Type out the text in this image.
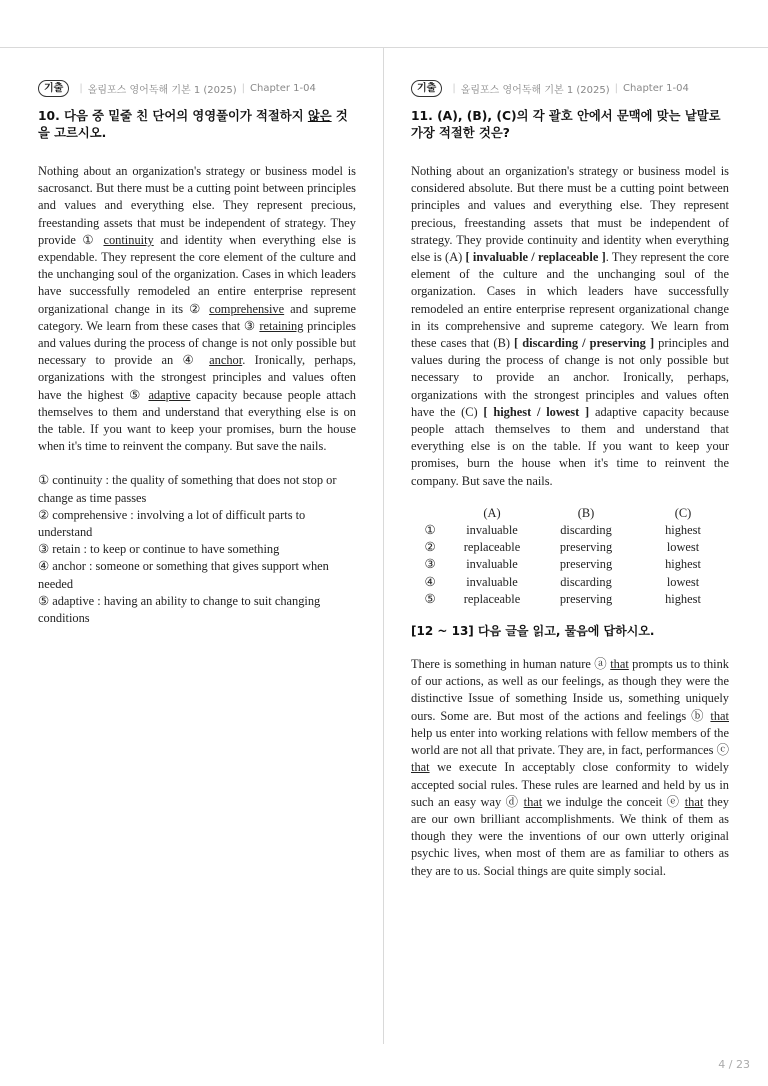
기출	| 올림포스 영어독해 기본 1 (2025) | Chapter 1-04
10. 다음 중 밑줄 친 단어의 영영풀이가 적절하지 않은 것을 고르시오.
Nothing about an organization's strategy or business model is sacrosanct. But there must be a cutting point between principles and values and everything else. They represent precious, freestanding assets that must be independent of strategy. They provide ① continuity and identity when everything else is expendable. They represent the core element of the culture and the unchanging soul of the organization. Cases in which leaders have successfully remodeled an entire enterprise represent organizational change in its ② comprehensive and supreme category. We learn from these cases that ③ retaining principles and values during the process of change is not only possible but necessary to provide an ④ anchor. Ironically, perhaps, organizations with the strongest principles and values often have the highest ⑤ adaptive capacity because people attach themselves to them and understand that everything else is on the table. If you want to keep your promises, burn the house when it's time to reinvent the company. But save the nails.
① continuity : the quality of something that does not stop or change as time passes
② comprehensive : involving a lot of difficult parts to understand
③ retain : to keep or continue to have something
④ anchor : someone or something that gives support when needed
⑤ adaptive : having an ability to change to suit changing conditions
기출	| 올림포스 영어독해 기본 1 (2025) | Chapter 1-04
11. (A), (B), (C)의 각 괄호 안에서 문맥에 맞는 낱말로 가장 적절한 것은?
Nothing about an organization's strategy or business model is considered absolute. But there must be a cutting point between principles and values and everything else. They represent precious, freestanding assets that must be independent of strategy. They provide continuity and identity when everything else is (A) [ invaluable / replaceable ]. They represent the core element of the culture and the unchanging soul of the organization. Cases in which leaders have successfully remodeled an entire enterprise represent organizational change in its comprehensive and supreme category. We learn from these cases that (B) [ discarding / preserving ] principles and values during the process of change is not only possible but necessary to provide an anchor. Ironically, perhaps, organizations with the strongest principles and values often have the (C) [ highest / lowest ] adaptive capacity because people attach themselves to them and understand that everything else is on the table. If you want to keep your promises, burn the house when it's time to reinvent the company. But save the nails.
	(A)	(B)	(C)
①	invaluable	discarding	highest
②	replaceable	preserving	lowest
③	invaluable	preserving	highest
④	invaluable	discarding	lowest
⑤	replaceable	preserving	highest
[12 ~ 13] 다음 글을 읽고, 물음에 답하시오.
There is something in human nature ⓐ that prompts us to think of our actions, as well as our feelings, as though they were the distinctive Issue of something Inside us, something uniquely ours. Some are. But most of the actions and feelings ⓑ that help us enter into working relations with fellow members of the world are not all that private. They are, in fact, performances ⓒ that we execute In acceptably close conformity to widely accepted social rules. These rules are learned and held by us in such an easy way ⓓ that we indulge the conceit ⓔ that they are our own brilliant accomplishments. We think of them as though they were the inventions of our own utterly original psychic lives, when most of them are as familiar to others as they are to us. Social things are quite simply social.
4 / 23
